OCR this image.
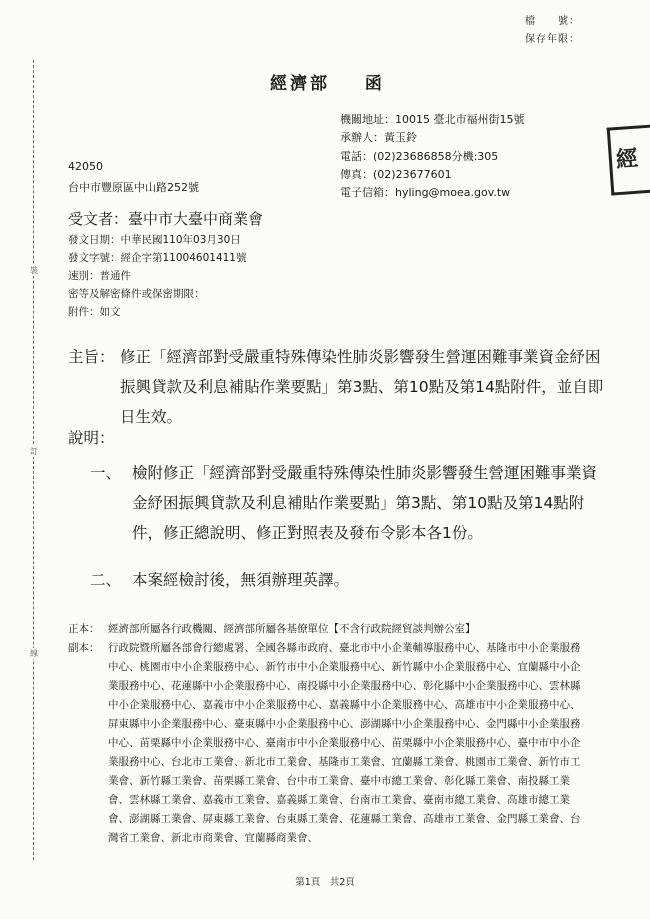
檔　　號：
保存年限：
裝
訂
線
經濟部 函
機關地址：10015 臺北市福州街15號
承辦人：黃玉鈴
電話：(02)23686858分機:305
傳真：(02)23677601
電子信箱：hyling@moea.gov.tw
經
42050
台中市豐原區中山路252號
受文者：臺中市大臺中商業會
發文日期：中華民國110年03月30日
發文字號：經企字第11004601411號
速別：普通件
密等及解密條件或保密期限：
附件：如文
主旨： 修正「經濟部對受嚴重特殊傳染性肺炎影響發生營運困難事業資金紓困振興貸款及利息補貼作業要點」第3點、第10點及第14點附件，並自即日生效。
說明：
一、 檢附修正「經濟部對受嚴重特殊傳染性肺炎影響發生營運困難事業資金紓困振興貸款及利息補貼作業要點」第3點、第10點及第14點附件，修正總說明、修正對照表及發布令影本各1份。
二、 本案經檢討後，無須辦理英譯。
正本： 經濟部所屬各行政機關、經濟部所屬各基僚單位【不含行政院經貿談判辦公室】
副本： 行政院暨所屬各部會行總處署、全國各縣市政府、臺北市中小企業輔導服務中心、基隆市中小企業服務中心、桃園市中小企業服務中心、新竹市中小企業服務中心、新竹縣中小企業服務中心、宜蘭縣中小企業服務中心、花蓮縣中小企業服務中心、南投縣中小企業服務中心、彰化縣中小企業服務中心、雲林縣中小企業服務中心、嘉義市中小企業服務中心、嘉義縣中小企業服務中心、高雄市中小企業服務中心、屏東縣中小企業服務中心、臺東縣中小企業服務中心、澎湖縣中小企業服務中心、金門縣中小企業服務中心、苗栗縣中小企業服務中心、臺南市中小企業服務中心、苗栗縣中小企業服務中心、臺中市中小企業服務中心、台北市工業會、新北市工業會、基隆市工業會、宜蘭縣工業會、桃園市工業會、新竹市工業會、新竹縣工業會、苗栗縣工業會、台中市工業會、臺中市總工業會、彰化縣工業會、南投縣工業會、雲林縣工業會、嘉義市工業會、嘉義縣工業會、台南市工業會、臺南市總工業會、高雄市總工業會、澎湖縣工業會、屏東縣工業會、台東縣工業會、花蓮縣工業會、高雄市工業會、金門縣工業會、台灣省工業會、新北市商業會、宜蘭縣商業會、
第1頁　共2頁
